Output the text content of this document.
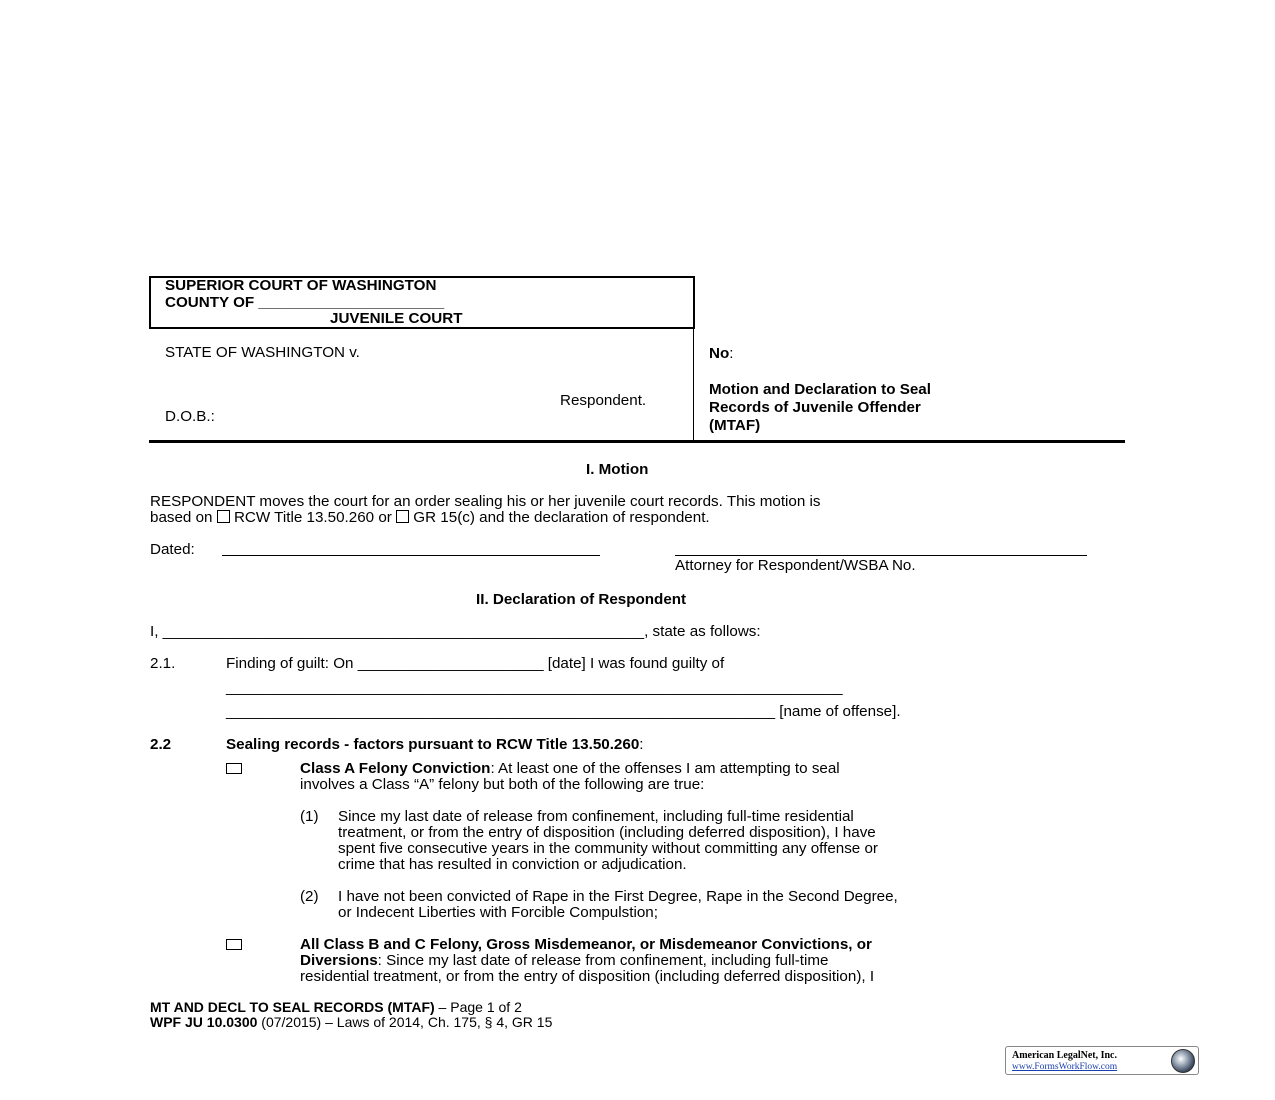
SUPERIOR COURT OF WASHINGTON
COUNTY OF ______________________
JUVENILE COURT
STATE OF WASHINGTON v.
Respondent.
D.O.B.:
No:
Motion and Declaration to Seal
Records of Juvenile Offender
(MTAF)
I. Motion
RESPONDENT moves the court for an order sealing his or her juvenile court records. This motion is
based on RCW Title 13.50.260 or GR 15(c) and the declaration of respondent.
Dated:
Attorney for Respondent/WSBA No.
II. Declaration of Respondent
I, _________________________________________________________, state as follows:
2.1.	Finding of guilt: On ______________________ [date] I was found guilty of
_________________________________________________________________________
_________________________________________________________________ [name of offense].
2.2	Sealing records - factors pursuant to RCW Title 13.50.260:
Class A Felony Conviction: At least one of the offenses I am attempting to seal
involves a Class “A” felony but both of the following are true:
(1) Since my last date of release from confinement, including full-time residential
treatment, or from the entry of disposition (including deferred disposition), I have
spent five consecutive years in the community without committing any offense or
crime that has resulted in conviction or adjudication.
(2) I have not been convicted of Rape in the First Degree, Rape in the Second Degree,
or Indecent Liberties with Forcible Compulstion;
All Class B and C Felony, Gross Misdemeanor, or Misdemeanor Convictions, or
Diversions: Since my last date of release from confinement, including full-time
residential treatment, or from the entry of disposition (including deferred disposition), I
MT AND DECL TO SEAL RECORDS (MTAF) – Page 1 of 2
WPF JU 10.0300 (07/2015) – Laws of 2014, Ch. 175, § 4, GR 15
American LegalNet, Inc.
www.FormsWorkFlow.com
